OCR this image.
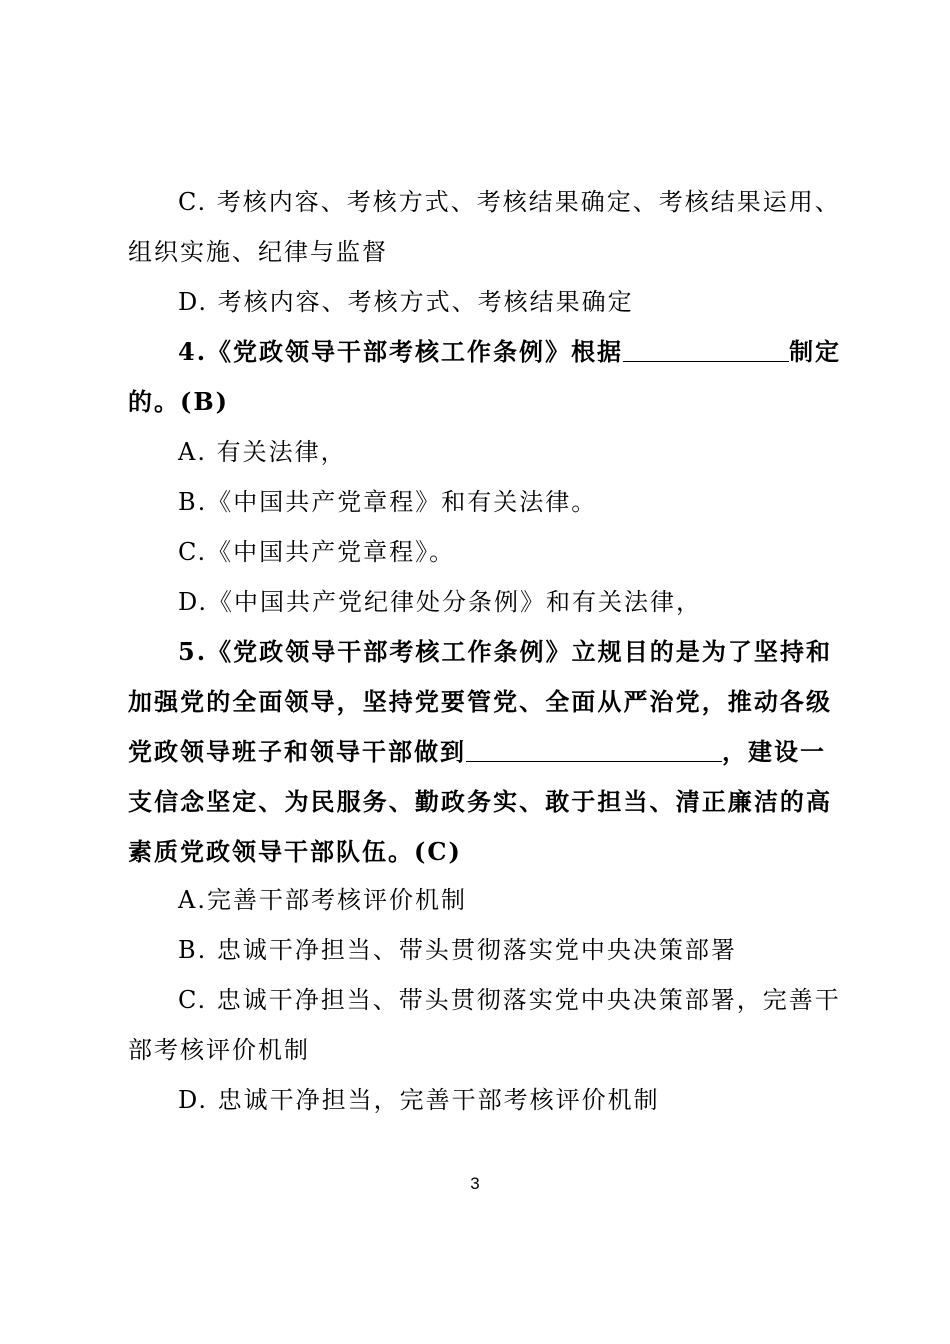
C. 考核内容、考核方式、考核结果确定、考核结果运用、
组织实施、纪律与监督
D. 考核内容、考核方式、考核结果确定
4.《党政领导干部考核工作条例》根据	制定
的。(B)
A. 有关法律，
B.《中国共产党章程》和有关法律。
C.《中国共产党章程》。
D.《中国共产党纪律处分条例》和有关法律，
5.《党政领导干部考核工作条例》立规目的是为了坚持和
加强党的全面领导，坚持党要管党、全面从严治党，推动各级
党政领导班子和领导干部做到	，建设一
支信念坚定、为民服务、勤政务实、敢于担当、清正廉洁的高
素质党政领导干部队伍。(C)
A.完善干部考核评价机制
B. 忠诚干净担当、带头贯彻落实党中央决策部署
C. 忠诚干净担当、带头贯彻落实党中央决策部署，完善干
部考核评价机制
D. 忠诚干净担当，完善干部考核评价机制
3
